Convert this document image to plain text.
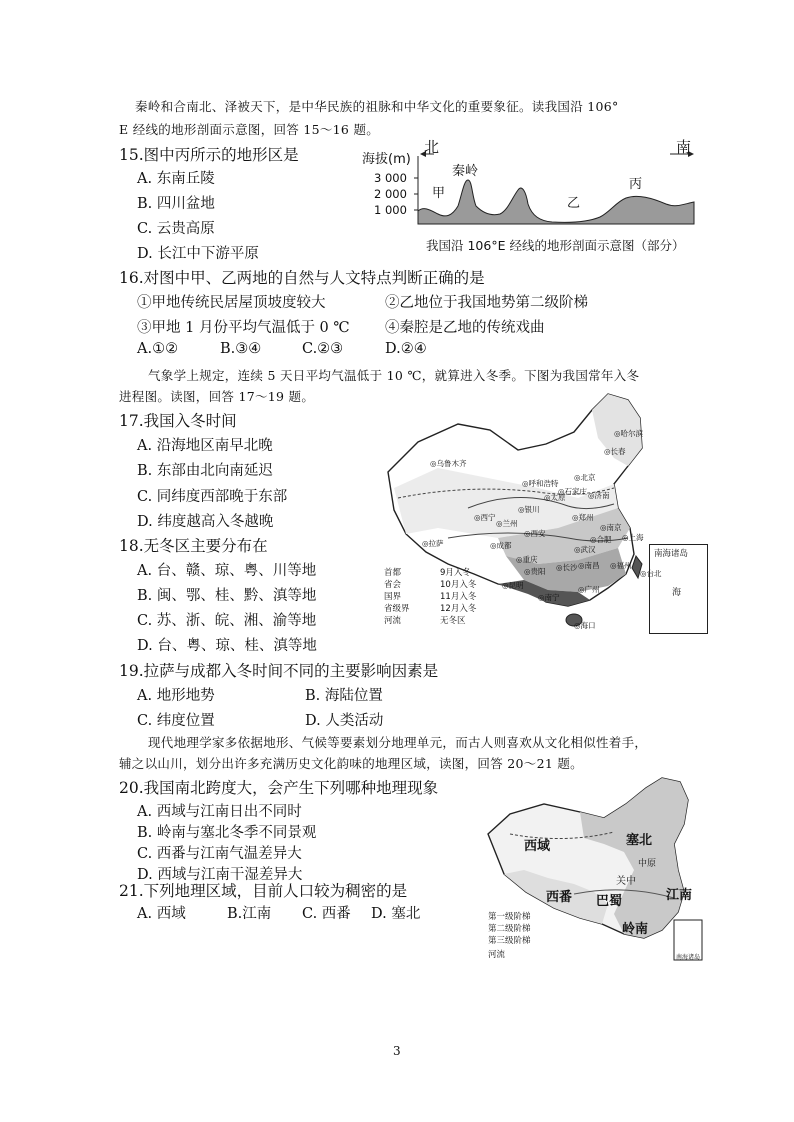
秦岭和合南北、泽被天下，是中华民族的祖脉和中华文化的重要象征。读我国沿 106°
E 经线的地形剖面示意图，回答 15～16 题。
15.图中丙所示的地形区是
A. 东南丘陵
B. 四川盆地
C. 云贵高原
D. 长江中下游平原
海拔(m)
北	南
3 000
2 000
1 000
秦岭
甲
乙
丙
我国沿 106°E 经线的地形剖面示意图（部分）
16.对图中甲、乙两地的自然与人文特点判断正确的是
①甲地传统民居屋顶坡度较大	②乙地位于我国地势第二级阶梯
③甲地 1 月份平均气温低于 0 ℃ ④秦腔是乙地的传统戏曲
A.①②	B.③④	C.②③	D.②④
气象学上规定，连续 5 天日平均气温低于 10 ℃，就算进入冬季。下图为我国常年入冬
进程图。读图，回答 17～19 题。
17.我国入冬时间
A. 沿海地区南早北晚
B. 东部由北向南延迟
C. 同纬度西部晚于东部
D. 纬度越高入冬越晚
18.无冬区主要分布在
A. 台、赣、琼、粤、川等地
B. 闽、鄂、桂、黔、滇等地
C. 苏、浙、皖、湘、渝等地
D. 台、粤、琼、桂、滇等地
南海诸岛
海
◎哈尔滨
◎长春
◎乌鲁木齐
◎呼和浩特
◎北京
◎石家庄
◎太原	◎济南
◎西宁
◎兰州
◎银川
◎西安
◎郑州
◎南京
◎合肥 ◎上海
◎武汉
◎成都
◎重庆
◎拉萨
◎贵阳 ◎长沙 ◎南昌 ◎福州
◎昆明
◎南宁
◎广州
◎台北
◎海口
首都
省会
国界
省级界
河流
9月入冬
10月入冬
11月入冬
12月入冬
无冬区
19.拉萨与成都入冬时间不同的主要影响因素是
A. 地形地势	B. 海陆位置
C. 纬度位置	D. 人类活动
现代地理学家多依据地形、气候等要素划分地理单元，而古人则喜欢从文化相似性着手，
辅之以山川，划分出许多充满历史文化韵味的地理区域，读图，回答 20～21 题。
20.我国南北跨度大，会产生下列哪种地理现象
A. 西域与江南日出不同时
B. 岭南与塞北冬季不同景观
C. 西番与江南气温差异大
D. 西域与江南干湿差异大
21.下列地理区域，目前人口较为稠密的是
A. 西域	B.江南 C. 西番 D. 塞北
西域	塞北
关中
中原
西番 巴蜀	江南
岭南
第一级阶梯
第二级阶梯
第三级阶梯
河流	南海诸岛
3
